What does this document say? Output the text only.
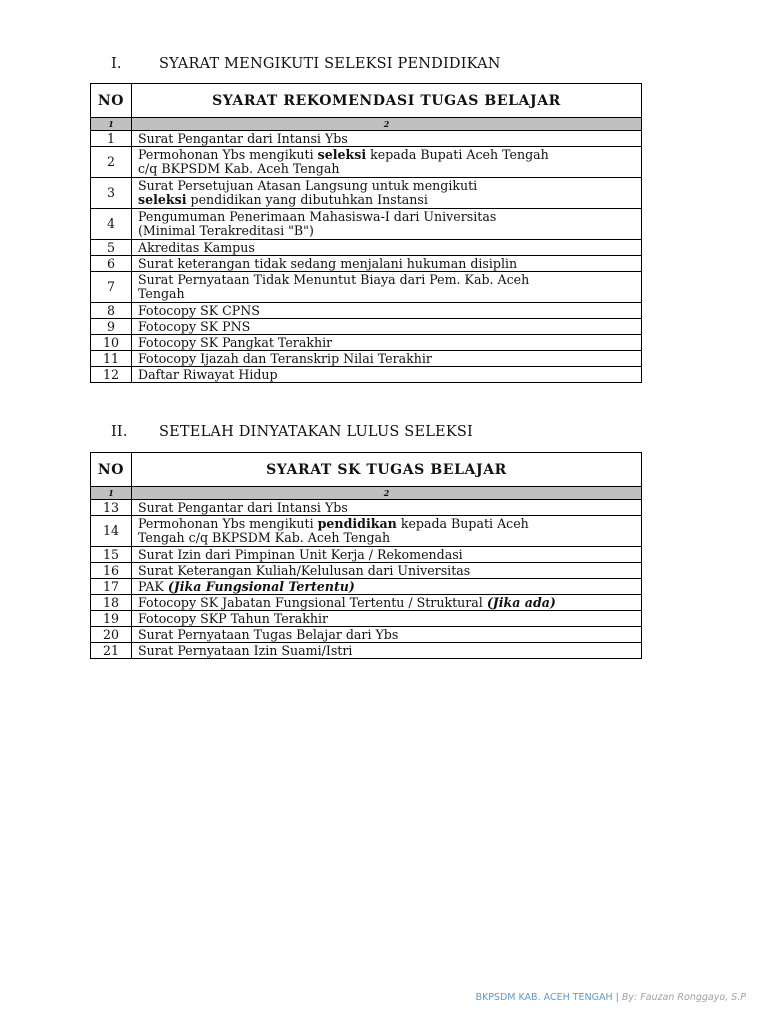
I.	SYARAT MENGIKUTI SELEKSI PENDIDIKAN
NO	SYARAT REKOMENDASI TUGAS BELAJAR
1	2
1	Surat Pengantar dari Intansi Ybs
2	Permohonan Ybs mengikuti seleksi kepada Bupati Aceh Tengah
c/q BKPSDM Kab. Aceh Tengah
3	Surat Persetujuan Atasan Langsung untuk mengikuti
seleksi pendidikan yang dibutuhkan Instansi
4	Pengumuman Penerimaan Mahasiswa-I dari Universitas
(Minimal Terakreditasi "B")
5	Akreditas Kampus
6	Surat keterangan tidak sedang menjalani hukuman disiplin
7	Surat Pernyataan Tidak Menuntut Biaya dari Pem. Kab. Aceh
Tengah
8	Fotocopy SK CPNS
9	Fotocopy SK PNS
10	Fotocopy SK Pangkat Terakhir
11	Fotocopy Ijazah dan Teranskrip Nilai Terakhir
12	Daftar Riwayat Hidup
II.	SETELAH DINYATAKAN LULUS SELEKSI
NO	SYARAT SK TUGAS BELAJAR
1	2
13	Surat Pengantar dari Intansi Ybs
14	Permohonan Ybs mengikuti pendidikan kepada Bupati Aceh
Tengah c/q BKPSDM Kab. Aceh Tengah
15	Surat Izin dari Pimpinan Unit Kerja / Rekomendasi
16	Surat Keterangan Kuliah/Kelulusan dari Universitas
17	PAK (Jika Fungsional Tertentu)
18	Fotocopy SK Jabatan Fungsional Tertentu / Struktural (Jika ada)
19	Fotocopy SKP Tahun Terakhir
20	Surat Pernyataan Tugas Belajar dari Ybs
21	Surat Pernyataan Izin Suami/Istri
BKPSDM KAB. ACEH TENGAH | By: Fauzan Ronggayo, S.P
